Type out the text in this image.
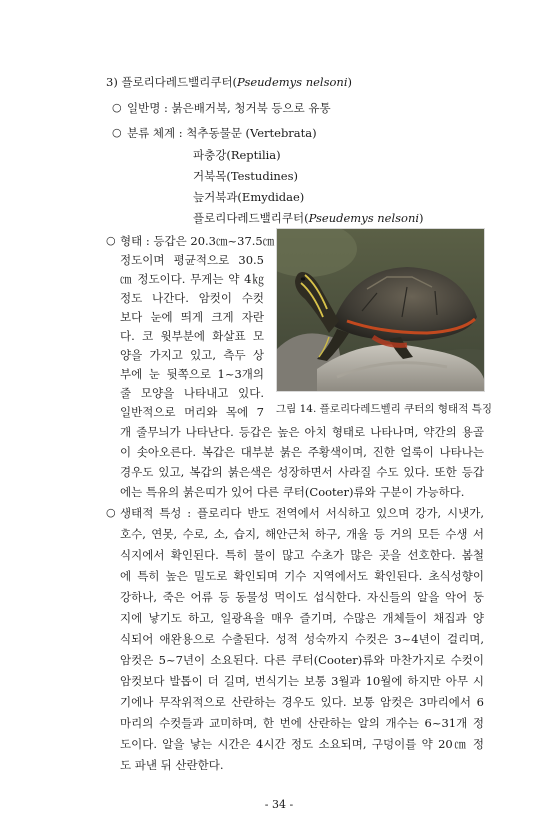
3) 플로리다레드밸리쿠터(Pseudemys nelsoni)
○ 일반명 : 붉은배거북, 청거북 등으로 유통
○ 분류 체계 : 척추동물문 (Vertebrata)
파충강(Reptilia)
거북목(Testudines)
늪거북과(Emydidae)
플로리다레드밸리쿠터(Pseudemys nelsoni)
○ 형태 : 등갑은 20.3㎝~37.5㎝
정도이며 평균적으로 30.5
㎝ 정도이다. 무게는 약 4㎏
정도 나간다. 암컷이 수컷
보다 눈에 띄게 크게 자란
다. 코 윗부분에 화살표 모
양을 가지고 있고, 측두 상
부에 눈 뒷쪽으로 1~3개의
줄 모양을 나타내고 있다.
일반적으로 머리와 목에 7
개 줄무늬가 나타난다. 등갑은 높은 아치 형태로 나타나며, 약간의 용골
이 솟아오른다. 복갑은 대부분 붉은 주황색이며, 진한 얼룩이 나타나는
경우도 있고, 복갑의 붉은색은 성장하면서 사라질 수도 있다. 또한 등갑
에는 특유의 붉은띠가 있어 다른 쿠터(Cooter)류와 구분이 가능하다.
그림 14. 플로리다레드벨리 쿠터의 형태적 특징
○ 생태적 특성 : 플로리다 반도 전역에서 서식하고 있으며 강가, 시냇가,
호수, 연못, 수로, 소, 습지, 해안근처 하구, 개울 등 거의 모든 수생 서
식지에서 확인된다. 특히 물이 많고 수초가 많은 곳을 선호한다. 봄철
에 특히 높은 밀도로 확인되며 기수 지역에서도 확인된다. 초식성향이
강하나, 죽은 어류 등 동물성 먹이도 섭식한다. 자신들의 알을 악어 둥
지에 낳기도 하고, 일광욕을 매우 즐기며, 수많은 개체들이 채집과 양
식되어 애완용으로 수출된다. 성적 성숙까지 수컷은 3~4년이 걸리며,
암컷은 5~7년이 소요된다. 다른 쿠터(Cooter)류와 마찬가지로 수컷이
암컷보다 발톱이 더 길며, 번식기는 보통 3월과 10월에 하지만 아무 시
기에나 무작위적으로 산란하는 경우도 있다. 보통 암컷은 3마리에서 6
마리의 수컷들과 교미하며, 한 번에 산란하는 알의 개수는 6~31개 정
도이다. 알을 낳는 시간은 4시간 정도 소요되며, 구덩이를 약 20㎝ 정
도 파낸 뒤 산란한다.
- 34 -
